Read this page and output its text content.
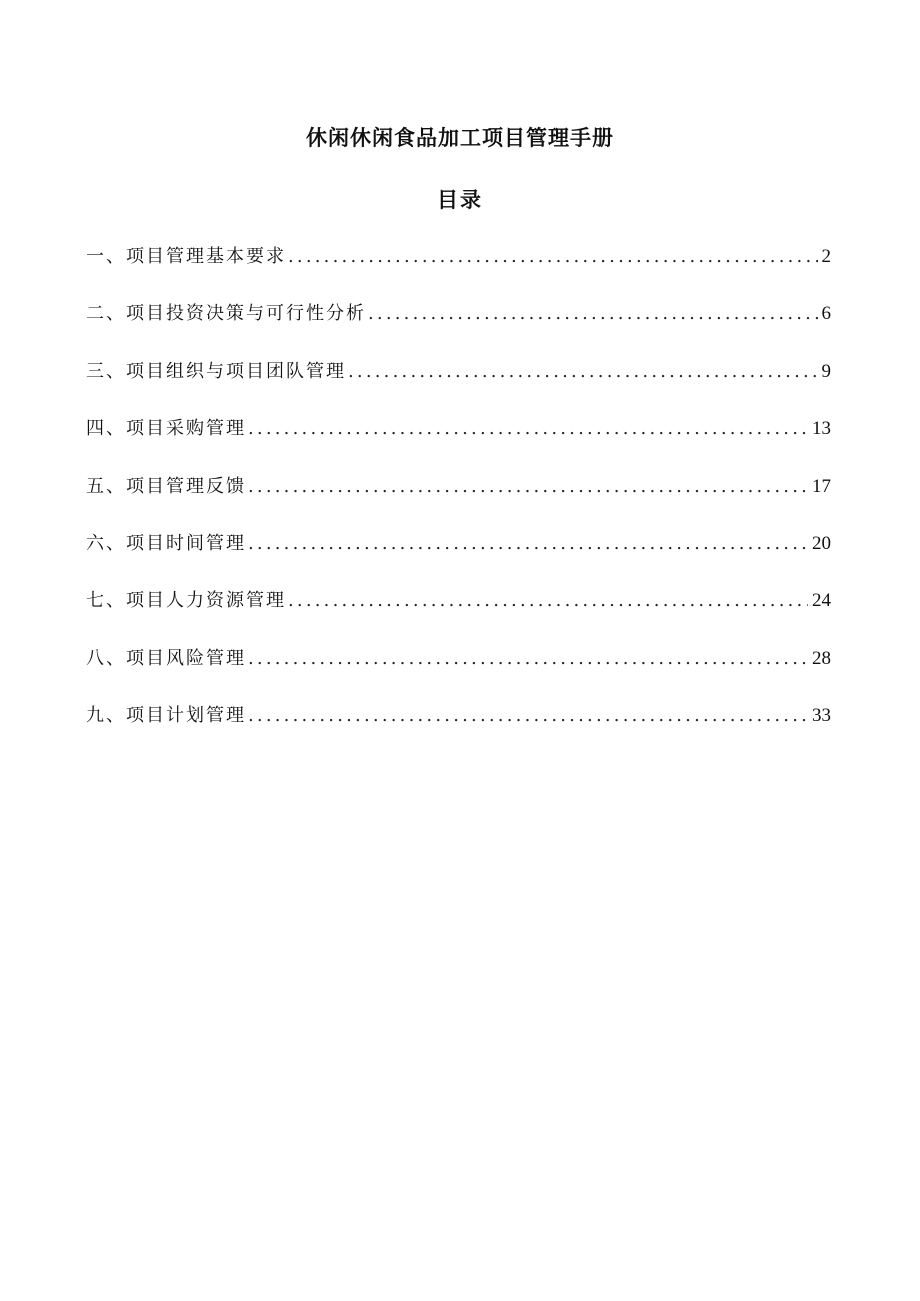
休闲休闲食品加工项目管理手册
目录
一、项目管理基本要求 .....	2
二、项目投资决策与可行性分析 .....	6
三、项目组织与项目团队管理 .....	9
四、项目采购管理 .....	13
五、项目管理反馈 .....	17
六、项目时间管理 .....	20
七、项目人力资源管理 .....	24
八、项目风险管理 .....	28
九、项目计划管理 .....	33
